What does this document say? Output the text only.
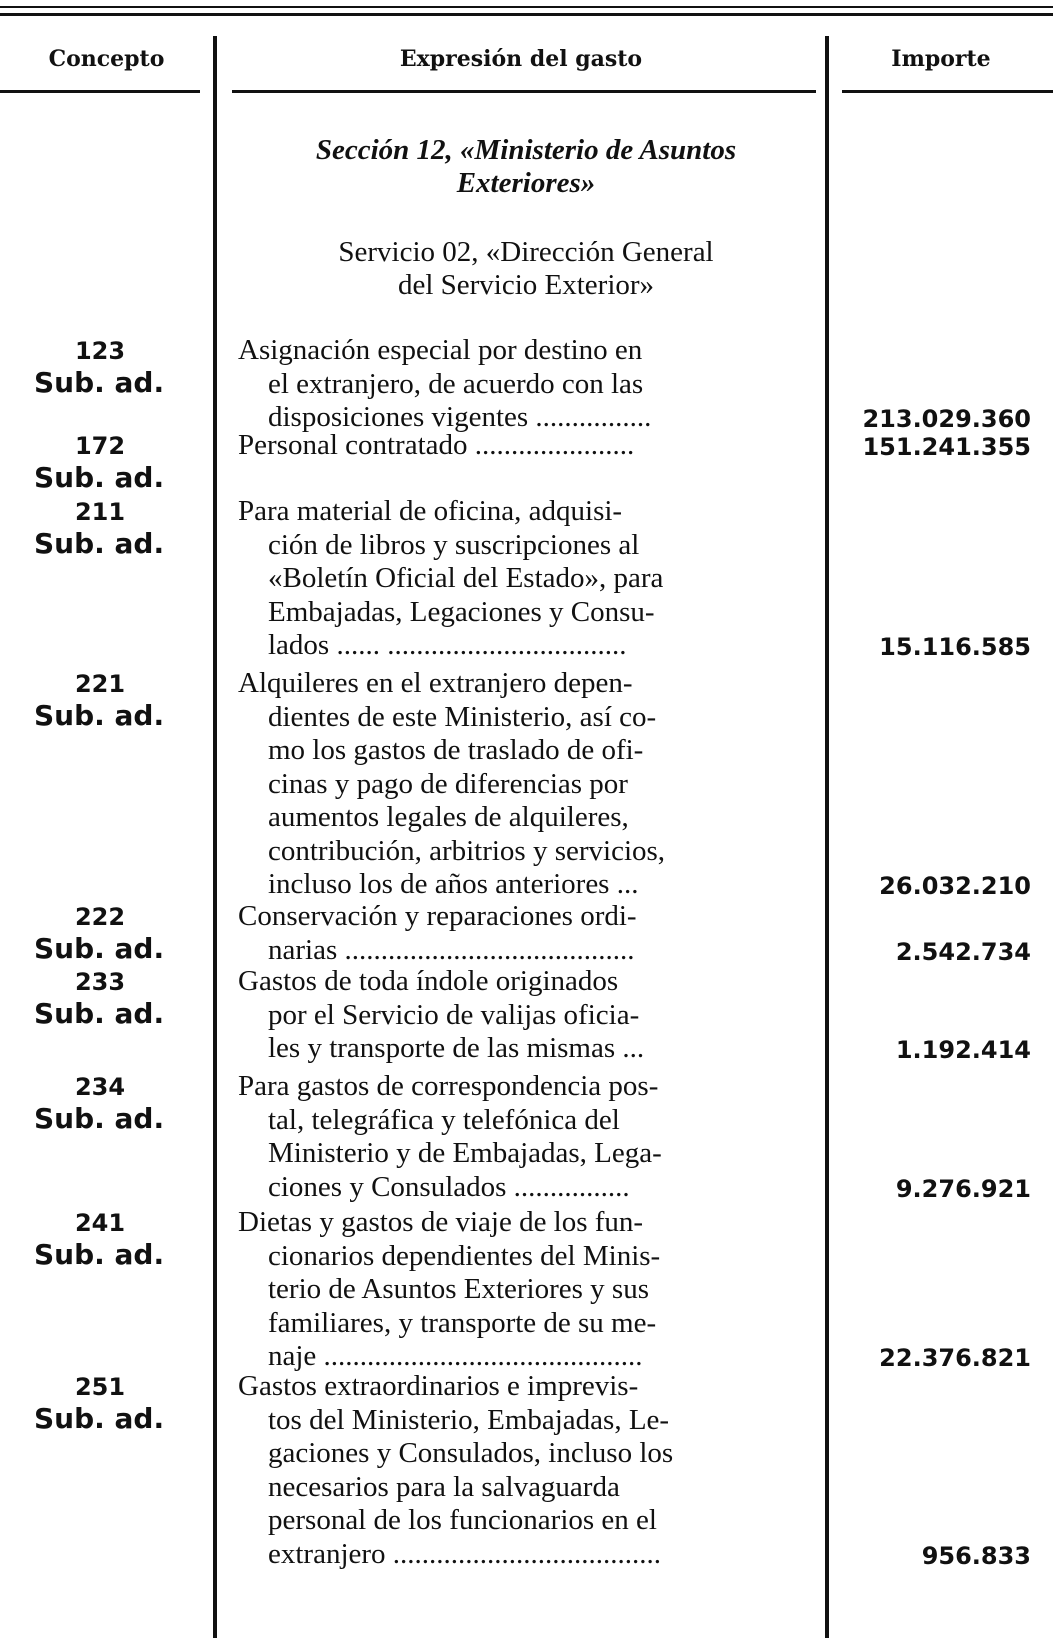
Concepto	Expresión del gasto	Importe
Sección 12, «Ministerio de Asuntos
Exteriores»
Servicio 02, «Dirección General
del Servicio Exterior»
123
Sub. ad.
Asignación especial por destino en
el extranjero, de acuerdo con las
disposiciones vigentes ................	213.029.360
172
Sub. ad.
Personal contratado ......................	151.241.355
211
Sub. ad.
Para material de oficina, adquisi-
ción de libros y suscripciones al
«Boletín Oficial del Estado», para
Embajadas, Legaciones y Consu-
lados ...... .................................	15.116.585
221
Sub. ad.
Alquileres en el extranjero depen-
dientes de este Ministerio, así co-
mo los gastos de traslado de ofi-
cinas y pago de diferencias por
aumentos legales de alquileres,
contribución, arbitrios y servicios,
incluso los de años anteriores ...	26.032.210
222
Sub. ad.
Conservación y reparaciones ordi-
narias ........................................	2.542.734
233
Sub. ad.
Gastos de toda índole originados
por el Servicio de valijas oficia-
les y transporte de las mismas ...	1.192.414
234
Sub. ad.
Para gastos de correspondencia pos-
tal, telegráfica y telefónica del
Ministerio y de Embajadas, Lega-
ciones y Consulados ................	9.276.921
241
Sub. ad.
Dietas y gastos de viaje de los fun-
cionarios dependientes del Minis-
terio de Asuntos Exteriores y sus
familiares, y transporte de su me-
naje ............................................	22.376.821
251
Sub. ad.
Gastos extraordinarios e imprevis-
tos del Ministerio, Embajadas, Le-
gaciones y Consulados, incluso los
necesarios para la salvaguarda
personal de los funcionarios en el
extranjero .....................................	956.833
